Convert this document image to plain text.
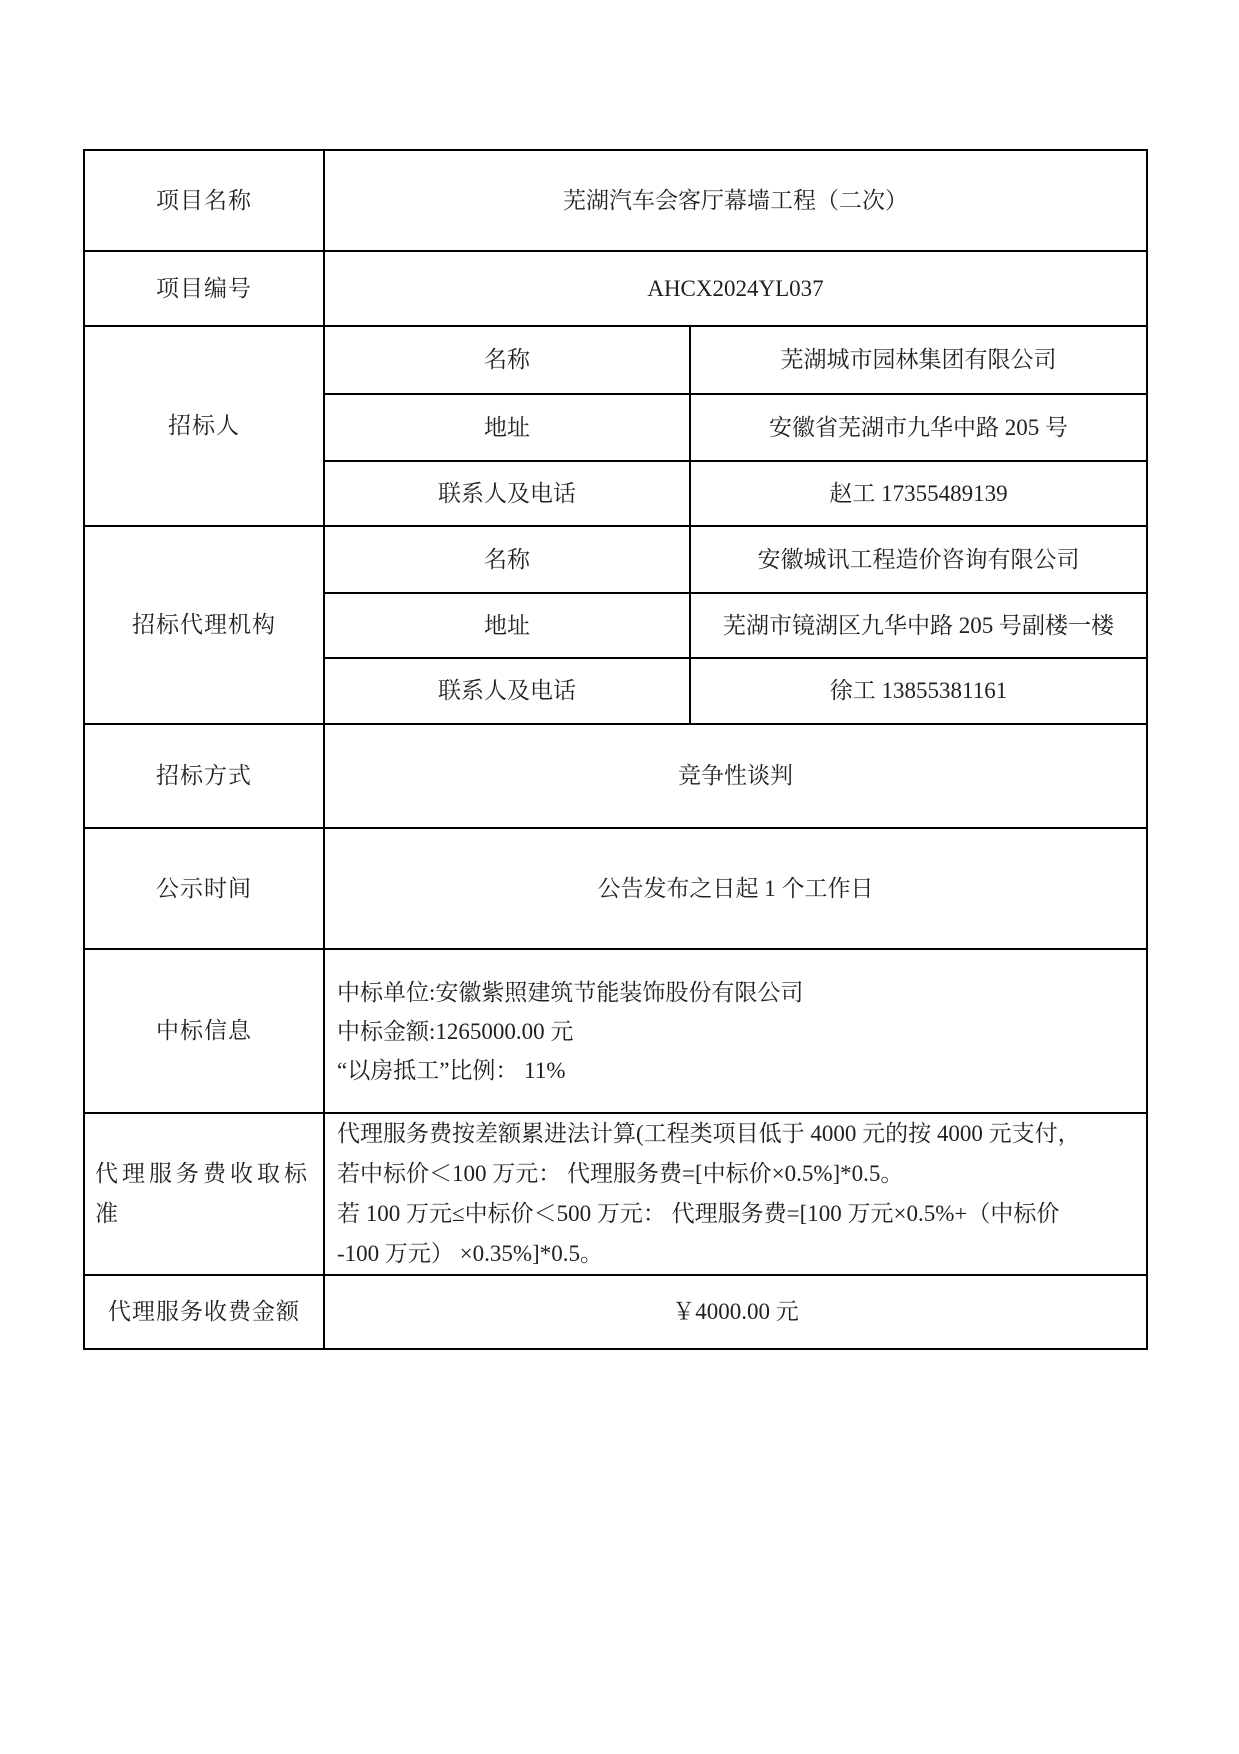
项目名称	芜湖汽车会客厅幕墙工程（二次）	
项目编号	AHCX2024YL037	
招标人	名称	芜湖城市园林集团有限公司
	地址	安徽省芜湖市九华中路 205 号
	联系人及电话	赵工 17355489139
招标代理机构	名称	安徽城讯工程造价咨询有限公司
	地址	芜湖市镜湖区九华中路 205 号副楼一楼
	联系人及电话	徐工 13855381161
招标方式	竞争性谈判	
公示时间	公告发布之日起 1 个工作日	
中标信息	中标单位:安徽紫照建筑节能装饰股份有限公司
中标金额:1265000.00 元
“以房抵工”比例： 11%	

代理服务费收取标准	代理服务费按差额累进法计算(工程类项目低于 4000 元的按 4000 元支付，
若中标价＜100 万元： 代理服务费=[中标价×0.5%]*0.5。
若 100 万元≤中标价＜500 万元： 代理服务费=[100 万元×0.5%+（中标价
-100 万元） ×0.35%]*0.5。	

代理服务收费金额	￥4000.00 元	
